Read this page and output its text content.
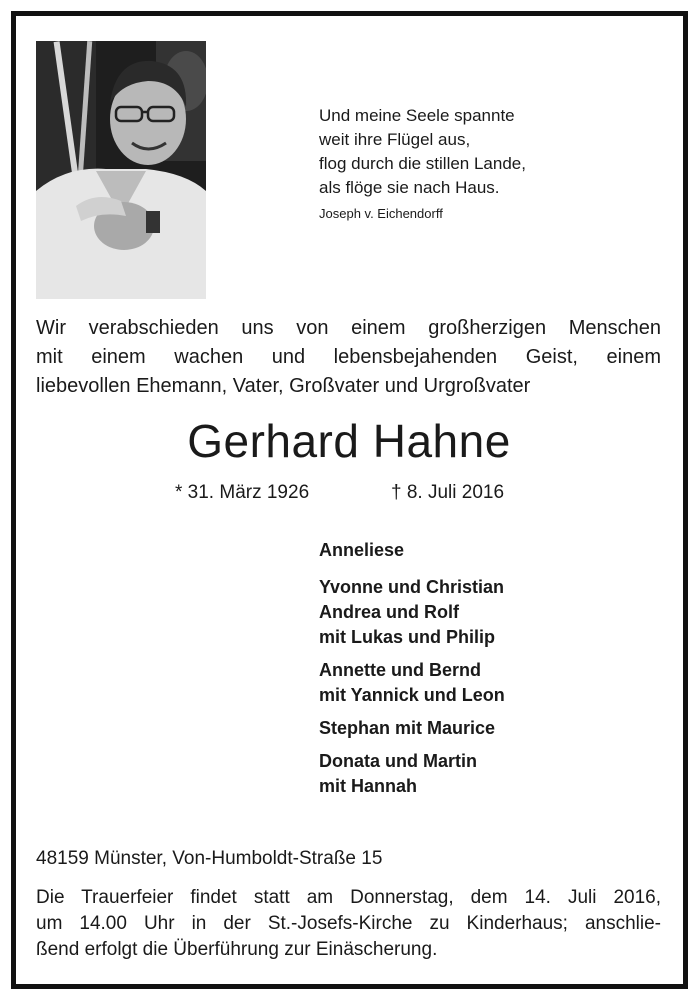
Und meine Seele spannte
weit ihre Flügel aus,
flog durch die stillen Lande,
als flöge sie nach Haus.
Joseph v. Eichendorff
Wir verabschieden uns von einem großherzigen Menschen
mit einem wachen und lebensbejahenden Geist, einem
liebevollen Ehemann, Vater, Großvater und Urgroßvater
Gerhard Hahne
* 31. März 1926	† 8. Juli 2016
Anneliese
Yvonne und Christian
Andrea und Rolf
mit Lukas und Philip
Annette und Bernd
mit Yannick und Leon
Stephan mit Maurice
Donata und Martin
mit Hannah
48159 Münster, Von-Humboldt-Straße 15
Die Trauerfeier findet statt am Donnerstag, dem 14. Juli 2016,
um 14.00 Uhr in der St.-Josefs-Kirche zu Kinderhaus; anschlie-
ßend erfolgt die Überführung zur Einäscherung.
